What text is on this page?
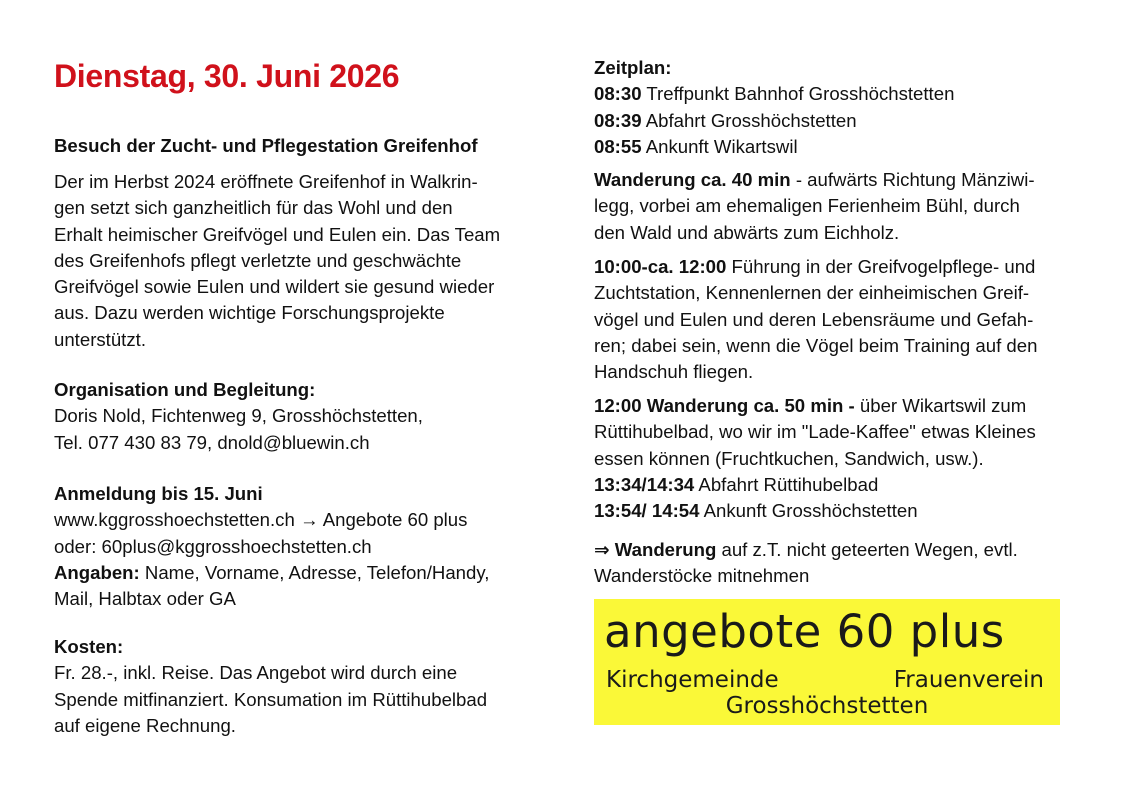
Dienstag, 30. Juni 2026
Besuch der Zucht- und Pflegestation Greifenhof
Der im Herbst 2024 eröffnete Greifenhof in Walkrin-
gen setzt sich ganzheitlich für das Wohl und den
Erhalt heimischer Greifvögel und Eulen ein. Das Team
des Greifenhofs pflegt verletzte und geschwächte
Greifvögel sowie Eulen und wildert sie gesund wieder
aus. Dazu werden wichtige Forschungsprojekte
unterstützt.
Organisation und Begleitung:
Doris Nold, Fichtenweg 9, Grosshöchstetten,
Tel. 077 430 83 79, dnold@bluewin.ch
Anmeldung bis 15. Juni
www.kggrosshoechstetten.ch → Angebote 60 plus
oder: 60plus@kggrosshoechstetten.ch
Angaben: Name, Vorname, Adresse, Telefon/Handy,
Mail, Halbtax oder GA
Kosten:
Fr. 28.-, inkl. Reise. Das Angebot wird durch eine
Spende mitfinanziert. Konsumation im Rüttihubelbad
auf eigene Rechnung.
Zeitplan:
08:30 Treffpunkt Bahnhof Grosshöchstetten
08:39 Abfahrt Grosshöchstetten
08:55 Ankunft Wikartswil
Wanderung ca. 40 min - aufwärts Richtung Mänziwi-
legg, vorbei am ehemaligen Ferienheim Bühl, durch
den Wald und abwärts zum Eichholz.
10:00-ca. 12:00 Führung in der Greifvogelpflege- und
Zuchtstation, Kennenlernen der einheimischen Greif-
vögel und Eulen und deren Lebensräume und Gefah-
ren; dabei sein, wenn die Vögel beim Training auf den
Handschuh fliegen.
12:00 Wanderung ca. 50 min - über Wikartswil zum
Rüttihubelbad, wo wir im "Lade-Kaffee" etwas Kleines
essen können (Fruchtkuchen, Sandwich, usw.).
13:34/14:34 Abfahrt Rüttihubelbad
13:54/ 14:54 Ankunft Grosshöchstetten
⇒ Wanderung auf z.T. nicht geteerten Wegen, evtl.
Wanderstöcke mitnehmen
angebote 60 plus
Kirchgemeinde	Frauenverein
Grosshöchstetten
